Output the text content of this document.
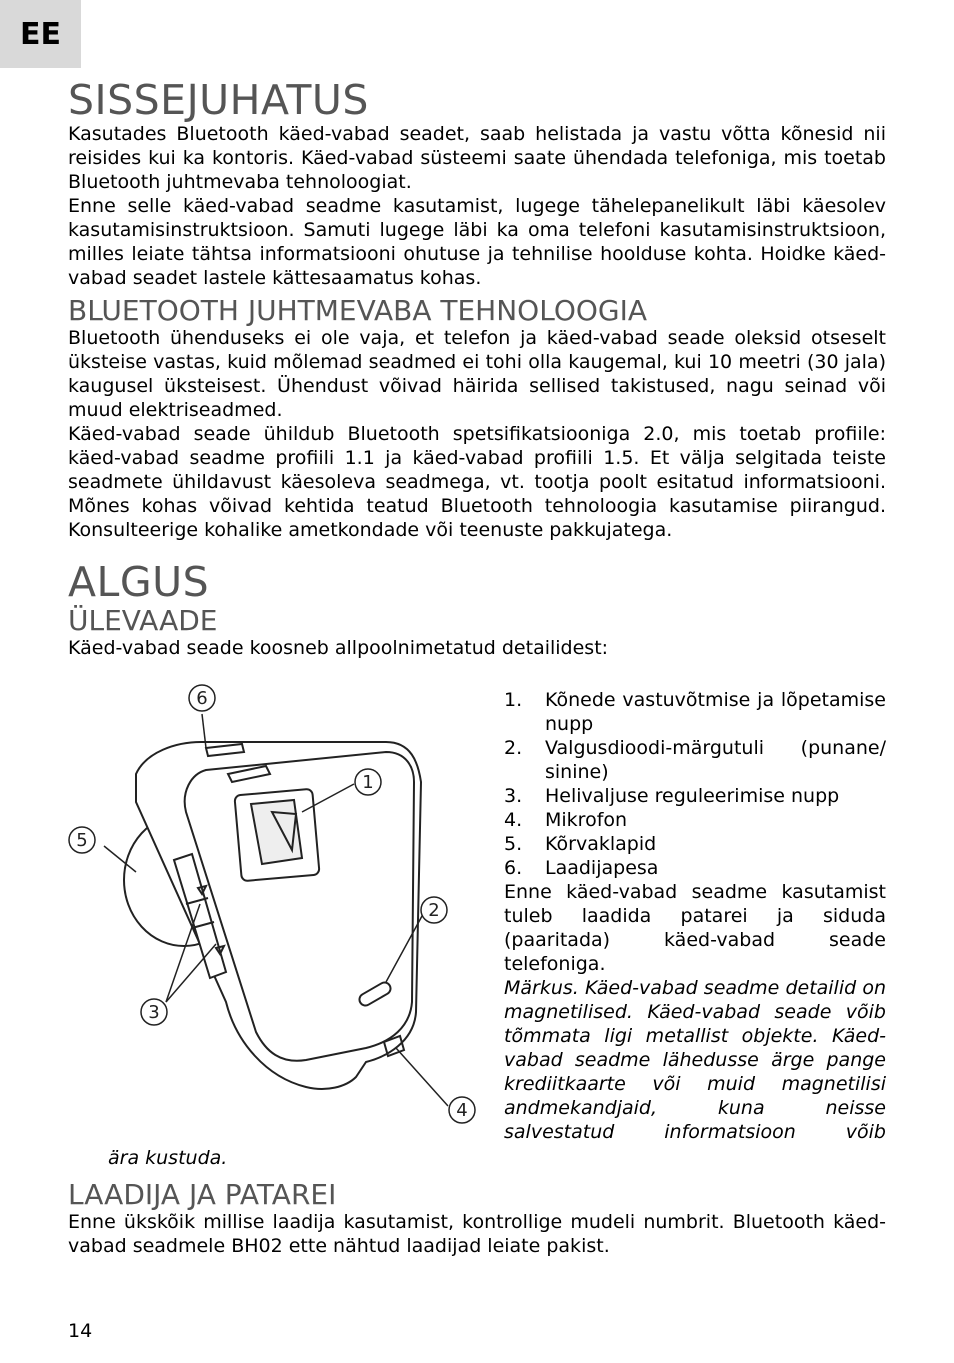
EE
SISSEJUHATUS

Kasutades Bluetooth käed-vabad seadet, saab helistada ja vastu võtta kõnesid nii reisides kui ka kontoris. Käed-vabad süsteemi saate ühendada telefoniga, mis toetab Bluetooth juhtmevaba tehnoloogiat.

Enne selle käed-vabad seadme kasutamist, lugege tähelepanelikult läbi käesolev kasutamisinstruktsioon. Samuti lugege läbi ka oma telefoni kasutamisinstruktsioon, milles leiate tähtsa informatsiooni ohutuse ja tehnilise hoolduse kohta. Hoidke käed-vabad seadet lastele kättesaamatus kohas.

BLUETOOTH JUHTMEVABA TEHNOLOOGIA

Bluetooth ühenduseks ei ole vaja, et telefon ja käed-vabad seade oleksid otseselt üksteise vastas, kuid mõlemad seadmed ei tohi olla kaugemal, kui 10 meetri (30 jala) kaugusel üksteisest. Ühendust võivad häirida sellised takistused, nagu seinad või muud elektriseadmed.

Käed-vabad seade ühildub Bluetooth spetsifikatsiooniga 2.0, mis toetab profiile: käed-vabad seadme profiili 1.1 ja käed-vabad profiili 1.5. Et välja selgitada teiste seadmete ühildavust käesoleva seadmega, vt. tootja poolt esitatud informatsiooni. Mõnes kohas võivad kehtida teatud Bluetooth tehnoloogia kasutamise piirangud. Konsulteerige kohalike ametkondade või teenuste pakkujatega.

ALGUS
ÜLEVAADE

Käed-vabad seade koosneb allpoolnimetatud detailidest:

1
2
3
4
5
6	1.	Kõnede vastuvõtmise ja lõpetamise nupp
2.	Valgusdioodi-märgutuli (punane/ sinine)
3.	Helivaljuse reguleerimise nupp
4.	Mikrofon
5.	Kõrvaklapid
6.	Laadijapesa

Enne käed-vabad seadme kasutamist tuleb laadida patarei ja siduda (paaritada) käed-vabad seade telefoniga.

Märkus. Käed-vabad seadme detailid on magnetilised. Käed-vabad seade võib tõmmata ligi metallist objekte. Käed-vabad seadme lähedusse ärge pange krediitkaarte või muid magnetilisi andmekandjaid, kuna neisse salvestatud informatsioon võib

ära kustuda.

LAADIJA JA PATAREI

Enne ükskõik millise laadija kasutamist, kontrollige mudeli numbrit. Bluetooth käed-vabad seadmele BH02 ette nähtud laadijad leiate pakist.

14
